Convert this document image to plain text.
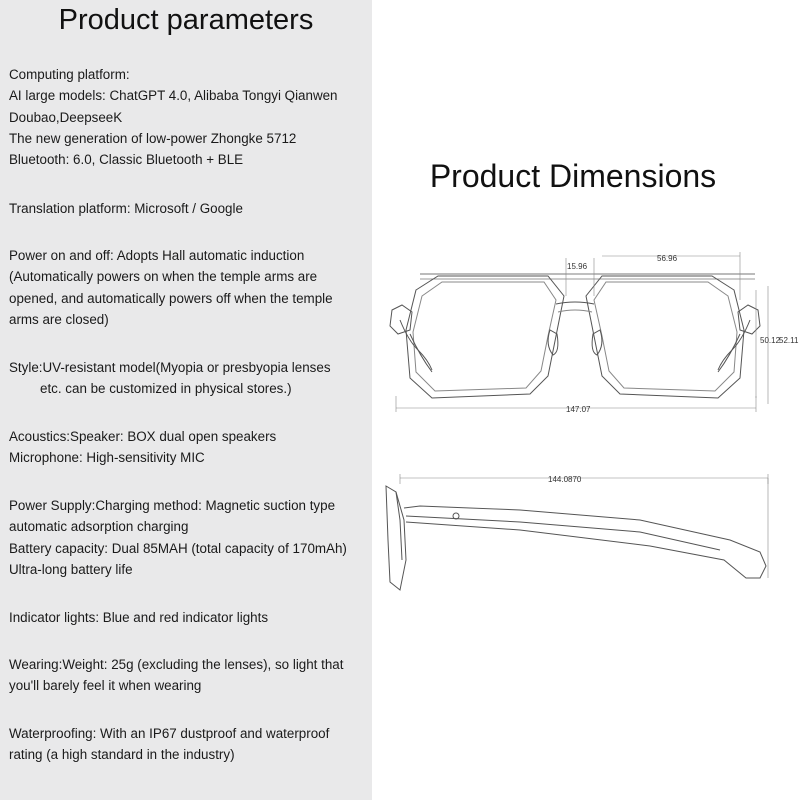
Product parameters
Computing platform:
AI large models: ChatGPT 4.0, Alibaba Tongyi Qianwen
Doubao,DeepseeK
The new generation of low-power Zhongke 5712
Bluetooth: 6.0, Classic Bluetooth + BLE
Translation platform: Microsoft / Google
Power on and off: Adopts Hall automatic induction
(Automatically powers on when the temple arms are
opened, and automatically powers off when the temple
arms are closed)
Style:UV-resistant model(Myopia or presbyopia lenses
etc. can be customized in physical stores.)
Acoustics:Speaker: BOX dual open speakers
Microphone: High-sensitivity MIC
Power Supply:Charging method: Magnetic suction type
automatic adsorption charging
Battery capacity: Dual 85MAH (total capacity of 170mAh)
Ultra-long battery life
Indicator lights: Blue and red indicator lights
Wearing:Weight: 25g (excluding the lenses), so light that
you'll barely feel it when wearing
Waterproofing: With an IP67 dustproof and waterproof
rating (a high standard in the industry)
Product Dimensions
15.96
56.96
50.12
52.11
147.07
144.0870
